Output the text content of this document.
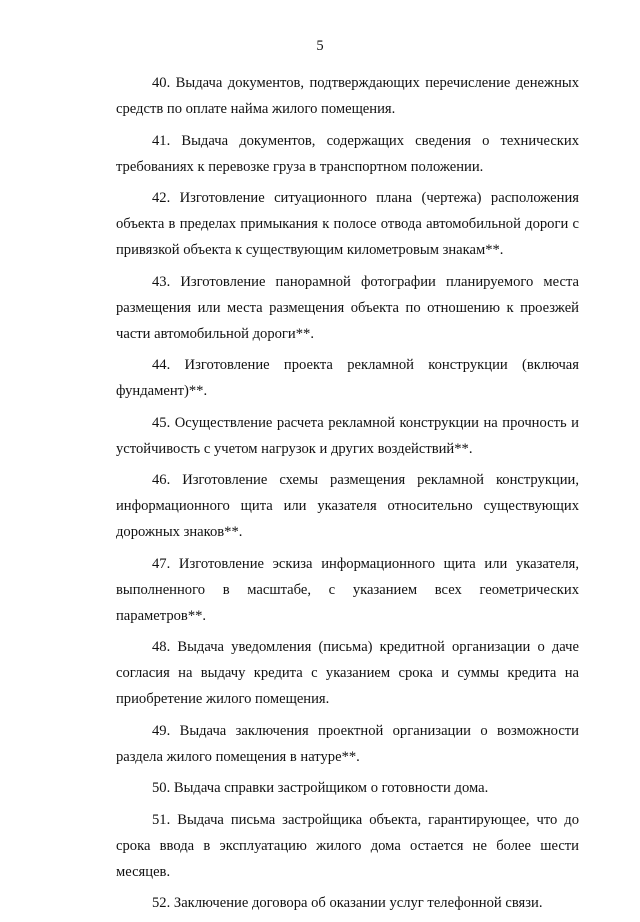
5

40. Выдача документов, подтверждающих перечисление денежных средств по оплате найма жилого помещения.

41. Выдача документов, содержащих сведения о технических требованиях к перевозке груза в транспортном положении.

42. Изготовление ситуационного плана (чертежа) расположения объекта в пределах примыкания к полосе отвода автомобильной дороги с привязкой объекта к существующим километровым знакам**.

43. Изготовление панорамной фотографии планируемого места размещения или места размещения объекта по отношению к проезжей части автомобильной дороги**.

44. Изготовление проекта рекламной конструкции (включая фундамент)**.

45. Осуществление расчета рекламной конструкции на прочность и устойчивость с учетом нагрузок и других воздействий**.

46. Изготовление схемы размещения рекламной конструкции, информационного щита или указателя относительно существующих дорожных знаков**.

47. Изготовление эскиза информационного щита или указателя, выполненного в масштабе, с указанием всех геометрических параметров**.

48. Выдача уведомления (письма) кредитной организации о даче согласия на выдачу кредита с указанием срока и суммы кредита на приобретение жилого помещения.

49. Выдача заключения проектной организации о возможности раздела жилого помещения в натуре**.

50. Выдача справки застройщиком о готовности дома.

51. Выдача письма застройщика объекта, гарантирующее, что до срока ввода в эксплуатацию жилого дома остается не более шести месяцев.

52. Заключение договора об оказании услуг телефонной связи.
